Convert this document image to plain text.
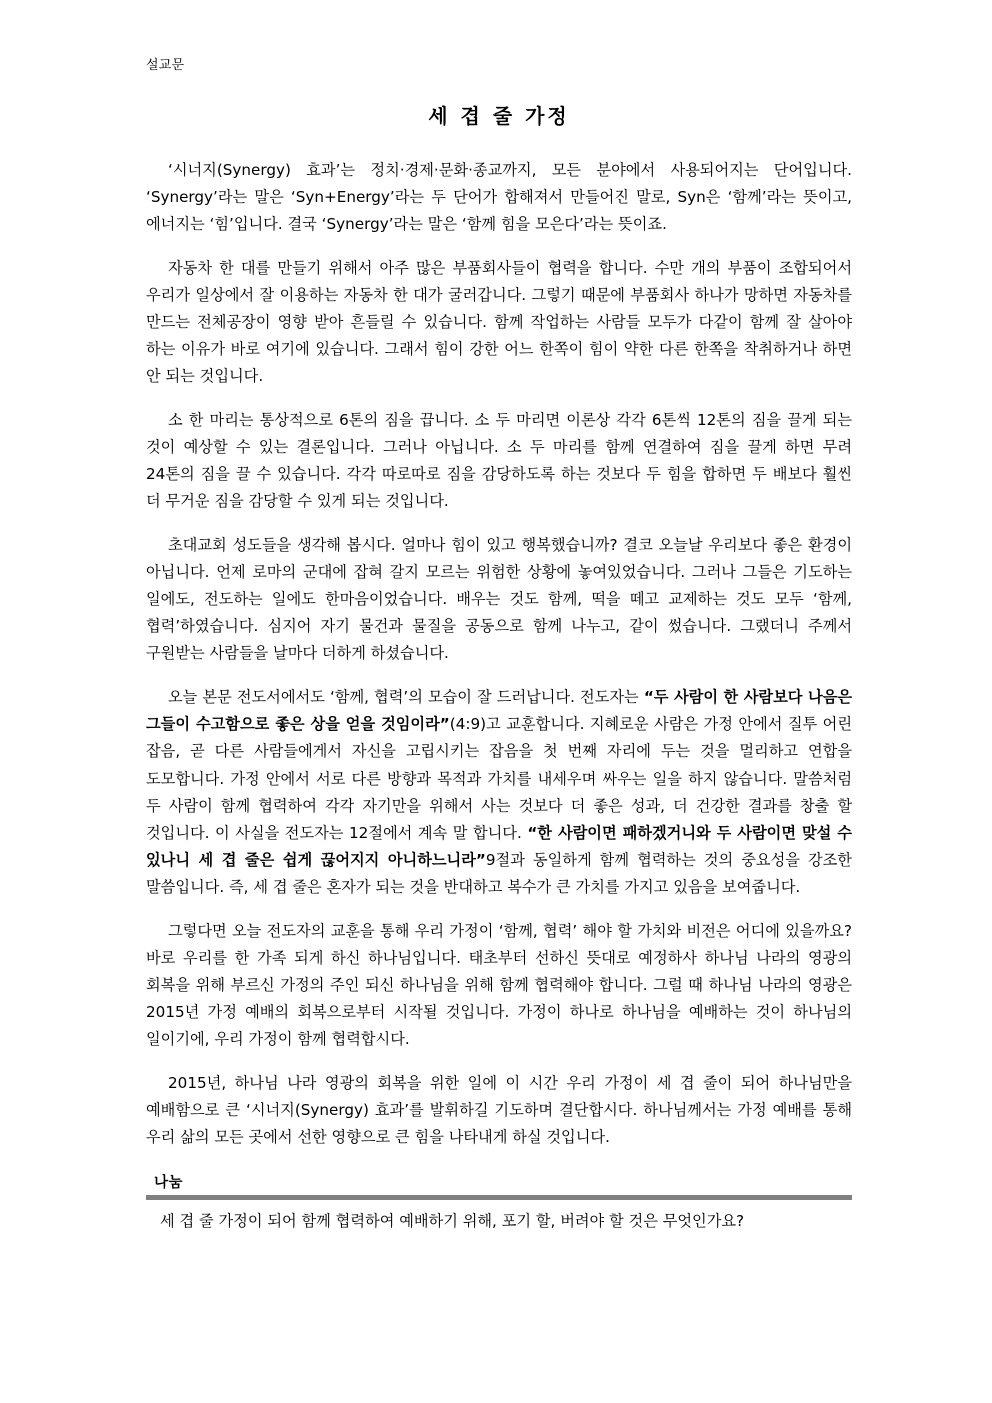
설교문
세 겹 줄 가정

‘시너지(Synergy) 효과’는 정치·경제·문화·종교까지, 모든 분야에서 사용되어지는 단어입니다. ‘Synergy’라는 말은 ‘Syn+Energy’라는 두 단어가 합해져서 만들어진 말로, Syn은 ‘함께’라는 뜻이고, 에너지는 ‘힘’입니다. 결국 ‘Synergy’라는 말은 ‘함께 힘을 모은다’라는 뜻이죠.

자동차 한 대를 만들기 위해서 아주 많은 부품회사들이 협력을 합니다. 수만 개의 부품이 조합되어서 우리가 일상에서 잘 이용하는 자동차 한 대가 굴러갑니다. 그렇기 때문에 부품회사 하나가 망하면 자동차를 만드는 전체공장이 영향 받아 흔들릴 수 있습니다. 함께 작업하는 사람들 모두가 다같이 함께 잘 살아야 하는 이유가 바로 여기에 있습니다. 그래서 힘이 강한 어느 한쪽이 힘이 약한 다른 한쪽을 착취하거나 하면 안 되는 것입니다.

소 한 마리는 통상적으로 6톤의 짐을 끕니다. 소 두 마리면 이론상 각각 6톤씩 12톤의 짐을 끌게 되는 것이 예상할 수 있는 결론입니다. 그러나 아닙니다. 소 두 마리를 함께 연결하여 짐을 끌게 하면 무려 24톤의 짐을 끌 수 있습니다. 각각 따로따로 짐을 감당하도록 하는 것보다 두 힘을 합하면 두 배보다 훨씬 더 무거운 짐을 감당할 수 있게 되는 것입니다.

초대교회 성도들을 생각해 봅시다. 얼마나 힘이 있고 행복했습니까? 결코 오늘날 우리보다 좋은 환경이 아닙니다. 언제 로마의 군대에 잡혀 갈지 모르는 위험한 상황에 놓여있었습니다. 그러나 그들은 기도하는 일에도, 전도하는 일에도 한마음이었습니다. 배우는 것도 함께, 떡을 떼고 교제하는 것도 모두 ‘함께, 협력’하였습니다. 심지어 자기 물건과 물질을 공동으로 함께 나누고, 같이 썼습니다. 그랬더니 주께서 구원받는 사람들을 날마다 더하게 하셨습니다.

오늘 본문 전도서에서도 ‘함께, 협력’의 모습이 잘 드러납니다. 전도자는 “두 사람이 한 사람보다 나음은 그들이 수고함으로 좋은 상을 얻을 것임이라”(4:9)고 교훈합니다. 지혜로운 사람은 가정 안에서 질투 어린 잡음, 곧 다른 사람들에게서 자신을 고립시키는 잡음을 첫 번째 자리에 두는 것을 멀리하고 연합을 도모합니다. 가정 안에서 서로 다른 방향과 목적과 가치를 내세우며 싸우는 일을 하지 않습니다. 말씀처럼 두 사람이 함께 협력하여 각각 자기만을 위해서 사는 것보다 더 좋은 성과, 더 건강한 결과를 창출 할 것입니다. 이 사실을 전도자는 12절에서 계속 말 합니다. “한 사람이면 패하겠거니와 두 사람이면 맞설 수 있나니 세 겹 줄은 쉽게 끊어지지 아니하느니라”9절과 동일하게 함께 협력하는 것의 중요성을 강조한 말씀입니다. 즉, 세 겹 줄은 혼자가 되는 것을 반대하고 복수가 큰 가치를 가지고 있음을 보여줍니다.

그렇다면 오늘 전도자의 교훈을 통해 우리 가정이 ‘함께, 협력’ 해야 할 가치와 비전은 어디에 있을까요? 바로 우리를 한 가족 되게 하신 하나님입니다. 태초부터 선하신 뜻대로 예정하사 하나님 나라의 영광의 회복을 위해 부르신 가정의 주인 되신 하나님을 위해 함께 협력해야 합니다. 그럴 때 하나님 나라의 영광은 2015년 가정 예배의 회복으로부터 시작될 것입니다. 가정이 하나로 하나님을 예배하는 것이 하나님의 일이기에, 우리 가정이 함께 협력합시다.

2015년, 하나님 나라 영광의 회복을 위한 일에 이 시간 우리 가정이 세 겹 줄이 되어 하나님만을 예배함으로 큰 ‘시너지(Synergy) 효과’를 발휘하길 기도하며 결단합시다. 하나님께서는 가정 예배를 통해 우리 삶의 모든 곳에서 선한 영향으로 큰 힘을 나타내게 하실 것입니다.

나눔

세 겹 줄 가정이 되어 함께 협력하여 예배하기 위해, 포기 할, 버려야 할 것은 무엇인가요?
